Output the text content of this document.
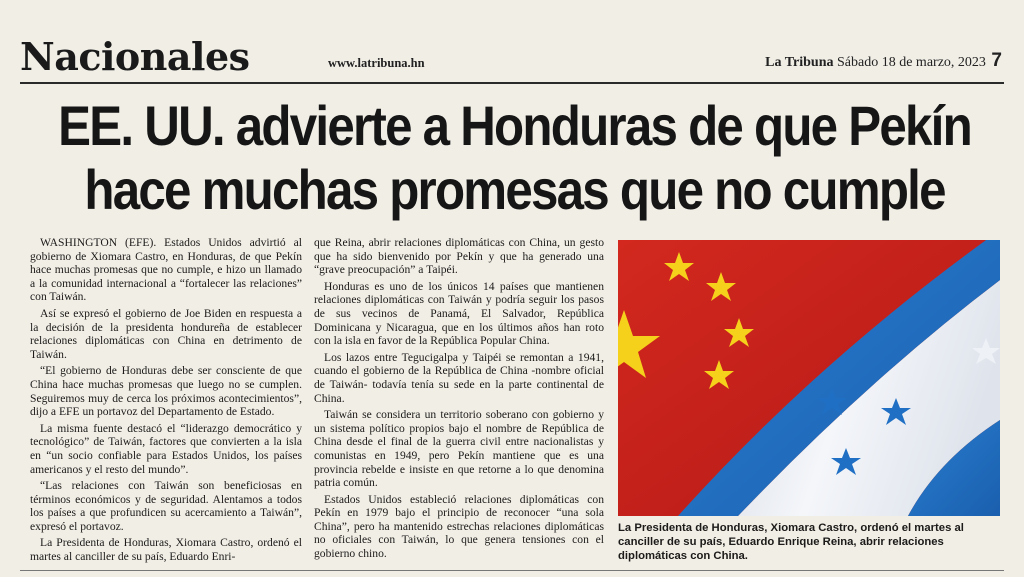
Nacionales	www.latribuna.hn	La Tribuna Sábado 18 de marzo, 2023 7
EE. UU. advierte a Honduras de que Pekín
hace muchas promesas que no cumple

WASHINGTON (EFE). Estados Unidos advirtió al gobierno de Xiomara Castro, en Honduras, de que Pekín hace muchas promesas que no cumple, e hizo un llamado a la comunidad internacional a “fortalecer las relaciones” con Taiwán.

Así se expresó el gobierno de Joe Biden en respuesta a la decisión de la presidenta hondureña de establecer relaciones diplomáticas con China en detrimento de Taiwán.

“El gobierno de Honduras debe ser consciente de que China hace muchas promesas que luego no se cumplen. Seguiremos muy de cerca los próximos acontecimientos”, dijo a EFE un portavoz del Departamento de Estado.

La misma fuente destacó el “liderazgo democrático y tecnológico” de Taiwán, factores que convierten a la isla en “un socio confiable para Estados Unidos, los países americanos y el resto del mundo”.

“Las relaciones con Taiwán son beneficiosas en términos económicos y de seguridad. Alentamos a todos los países a que profundicen su acercamiento a Taiwán”, expresó el portavoz.

La Presidenta de Honduras, Xiomara Castro, ordenó el martes al canciller de su país, Eduardo Enri-

que Reina, abrir relaciones diplomáticas con China, un gesto que ha sido bienvenido por Pekín y que ha generado una “grave preocupación” a Taipéi.

Honduras es uno de los únicos 14 países que mantienen relaciones diplomáticas con Taiwán y podría seguir los pasos de sus vecinos de Panamá, El Salvador, República Dominicana y Nicaragua, que en los últimos años han roto con la isla en favor de la República Popular China.

Los lazos entre Tegucigalpa y Taipéi se remontan a 1941, cuando el gobierno de la República de China -nombre oficial de Taiwán- todavía tenía su sede en la parte continental de China.

Taiwán se considera un territorio soberano con gobierno y un sistema político propios bajo el nombre de República de China desde el final de la guerra civil entre nacionalistas y comunistas en 1949, pero Pekín mantiene que es una provincia rebelde e insiste en que retorne a lo que denomina patria común.

Estados Unidos estableció relaciones diplomáticas con Pekín en 1979 bajo el principio de reconocer “una sola China”, pero ha mantenido estrechas relaciones diplomáticas no oficiales con Taiwán, lo que genera tensiones con el gobierno chino.

La Presidenta de Honduras, Xiomara Castro, ordenó el martes al canciller de su país, Eduardo Enrique Reina, abrir relaciones diplomáticas con China.
